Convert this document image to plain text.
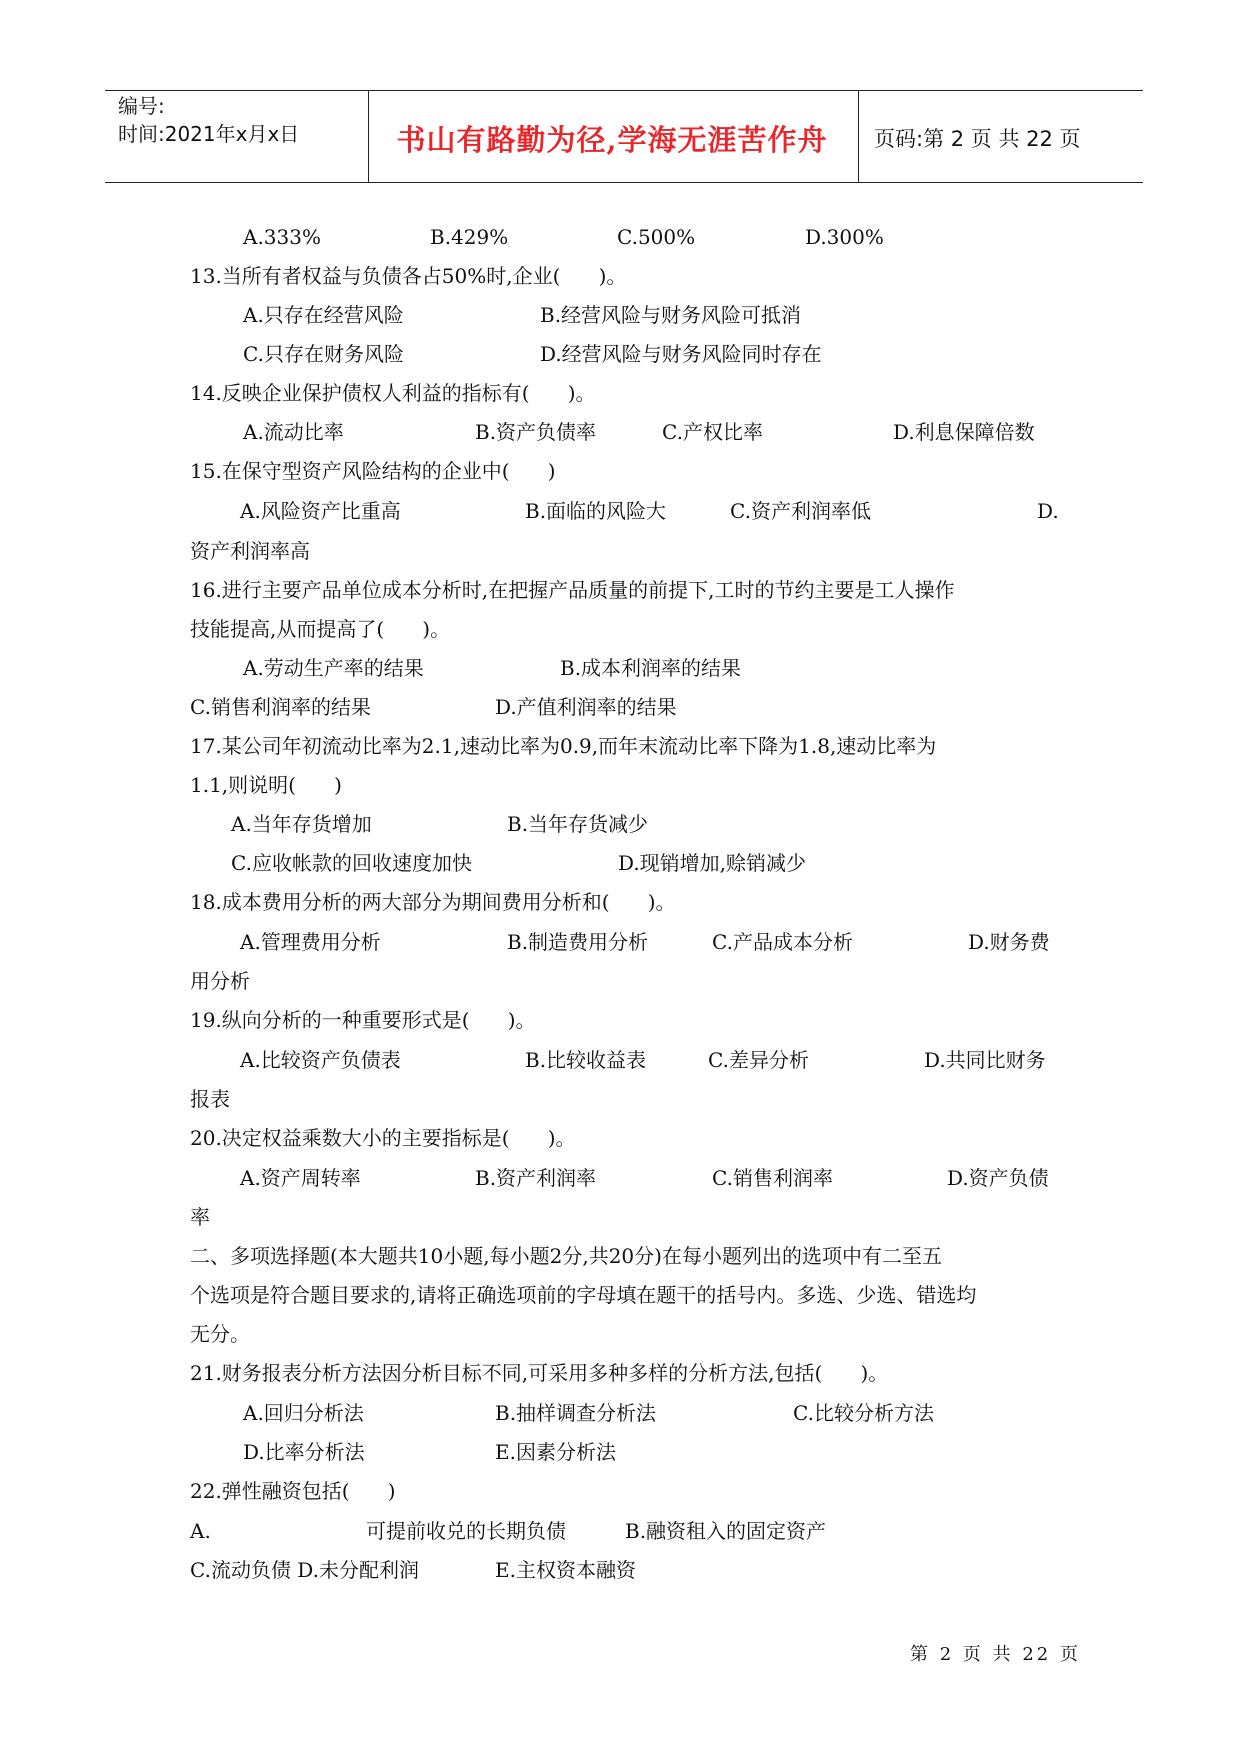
编号:
时间:2021年x月x日	书山有路勤为径,学海无涯苦作舟	页码:第 2 页 共 22 页
A.333%	B.429%	C.500%	D.300%
13.当所有者权益与负债各占50%时,企业(      )。
A.只存在经营风险	B.经营风险与财务风险可抵消
C.只存在财务风险	D.经营风险与财务风险同时存在
14.反映企业保护债权人利益的指标有(      )。
A.流动比率	B.资产负债率	C.产权比率	D.利息保障倍数
15.在保守型资产风险结构的企业中(      )
A.风险资产比重高	B.面临的风险大	C.资产利润率低	D.
资产利润率高
16.进行主要产品单位成本分析时,在把握产品质量的前提下,工时的节约主要是工人操作
技能提高,从而提高了(      )。
A.劳动生产率的结果	B.成本利润率的结果
C.销售利润率的结果	D.产值利润率的结果
17.某公司年初流动比率为2.1,速动比率为0.9,而年末流动比率下降为1.8,速动比率为
1.1,则说明(      )
A.当年存货增加	B.当年存货减少
C.应收帐款的回收速度加快	D.现销增加,赊销减少
18.成本费用分析的两大部分为期间费用分析和(      )。
A.管理费用分析	B.制造费用分析	C.产品成本分析	D.财务费
用分析
19.纵向分析的一种重要形式是(      )。
A.比较资产负债表	B.比较收益表	C.差异分析	D.共同比财务
报表
20.决定权益乘数大小的主要指标是(      )。
A.资产周转率	B.资产利润率	C.销售利润率	D.资产负债
率
二、多项选择题(本大题共10小题,每小题2分,共20分)在每小题列出的选项中有二至五
个选项是符合题目要求的,请将正确选项前的字母填在题干的括号内。多选、少选、错选均
无分。
21.财务报表分析方法因分析目标不同,可采用多种多样的分析方法,包括(      )。
A.回归分析法	B.抽样调查分析法	C.比较分析方法
D.比率分析法	E.因素分析法
22.弹性融资包括(      )
A.	可提前收兑的长期负债	B.融资租入的固定资产
C.流动负债 D.未分配利润	E.主权资本融资
第 2 页 共 22 页
